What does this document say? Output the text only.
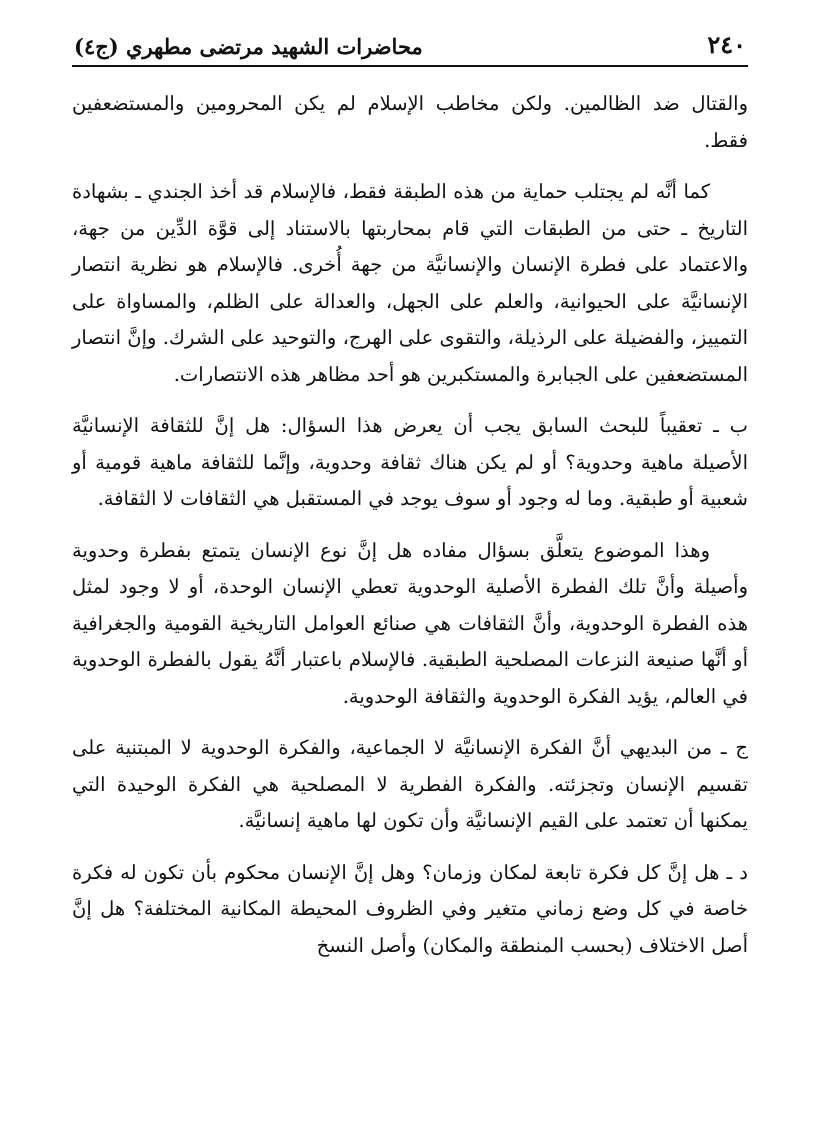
٢٤٠
محاضرات الشهيد مرتضى مطهري (ج٤)

والقتال ضد الظالمين. ولكن مخاطب الإسلام لم يكن المحرومين والمستضعفين فقط.

كما أنَّه لم يجتلب حماية من هذه الطبقة فقط، فالإسلام قد أخذ الجندي ـ بشهادة التاريخ ـ حتى من الطبقات التي قام بمحاربتها بالاستناد إلى قوَّة الدِّين من جهة، والاعتماد على فطرة الإنسان والإنسانيَّة من جهة أُخرى. فالإسلام هو نظرية انتصار الإنسانيَّة على الحيوانية، والعلم على الجهل، والعدالة على الظلم، والمساواة على التمييز، والفضيلة على الرذيلة، والتقوى على الهرج، والتوحيد على الشرك. وإنَّ انتصار المستضعفين على الجبابرة والمستكبرين هو أحد مظاهر هذه الانتصارات.

ب ـ تعقيباً للبحث السابق يجب أن يعرض هذا السؤال: هل إنَّ للثقافة الإنسانيَّة الأصيلة ماهية وحدوية؟ أو لم يكن هناك ثقافة وحدوية، وإنَّما للثقافة ماهية قومية أو شعبية أو طبقية. وما له وجود أو سوف يوجد في المستقبل هي الثقافات لا الثقافة.

وهذا الموضوع يتعلَّق بسؤال مفاده هل إنَّ نوع الإنسان يتمتع بفطرة وحدوية وأصيلة وأنَّ تلك الفطرة الأصلية الوحدوية تعطي الإنسان الوحدة، أو لا وجود لمثل هذه الفطرة الوحدوية، وأنَّ الثقافات هي صنائع العوامل التاريخية القومية والجغرافية أو أنَّها صنيعة النزعات المصلحية الطبقية. فالإسلام باعتبار أنَّهُ يقول بالفطرة الوحدوية في العالم، يؤيد الفكرة الوحدوية والثقافة الوحدوية.

ج ـ من البديهي أنَّ الفكرة الإنسانيَّة لا الجماعية، والفكرة الوحدوية لا المبتنية على تقسيم الإنسان وتجزئته. والفكرة الفطرية لا المصلحية هي الفكرة الوحيدة التي يمكنها أن تعتمد على القيم الإنسانيَّة وأن تكون لها ماهية إنسانيَّة.

د ـ هل إنَّ كل فكرة تابعة لمكان وزمان؟ وهل إنَّ الإنسان محكوم بأن تكون له فكرة خاصة في كل وضع زماني متغير وفي الظروف المحيطة المكانية المختلفة؟ هل إنَّ أصل الاختلاف (بحسب المنطقة والمكان) وأصل النسخ
